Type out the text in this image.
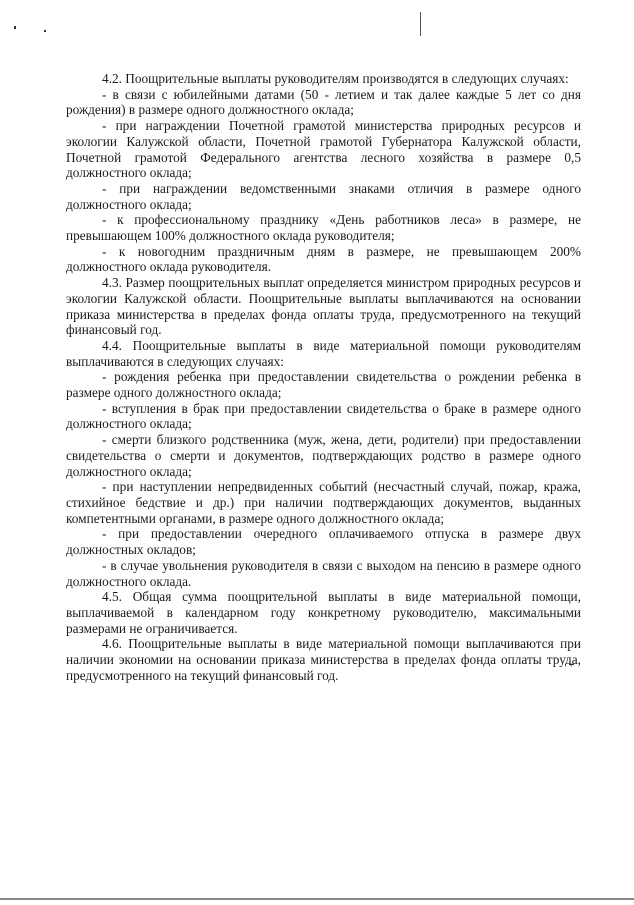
4.2. Поощрительные выплаты руководителям производятся в следующих случаях:

- в связи с юбилейными датами (50 - летием и так далее каждые 5 лет со дня рождения) в размере одного должностного оклада;

- при награждении Почетной грамотой министерства природных ресурсов и экологии Калужской области, Почетной грамотой Губернатора Калужской области, Почетной грамотой Федерального агентства лесного хозяйства в размере 0,5 должностного оклада;

- при награждении ведомственными знаками отличия в размере одного должностного оклада;

- к профессиональному празднику «День работников леса» в размере, не превышающем 100% должностного оклада руководителя;

- к новогодним праздничным дням в размере, не превышающем 200% должностного оклада руководителя.

4.3. Размер поощрительных выплат определяется министром природных ресурсов и экологии Калужской области. Поощрительные выплаты выплачиваются на основании приказа министерства в пределах фонда оплаты труда, предусмотренного на текущий финансовый год.

4.4. Поощрительные выплаты в виде материальной помощи руководителям выплачиваются в следующих случаях:

- рождения ребенка при предоставлении свидетельства о рождении ребенка в размере одного должностного оклада;

- вступления в брак при предоставлении свидетельства о браке в размере одного должностного оклада;

- смерти близкого родственника (муж, жена, дети, родители) при предоставлении свидетельства о смерти и документов, подтверждающих родство в размере одного должностного оклада;

- при наступлении непредвиденных событий (несчастный случай, пожар, кража, стихийное бедствие и др.) при наличии подтверждающих документов, выданных компетентными органами, в размере одного должностного оклада;

- при предоставлении очередного оплачиваемого отпуска в размере двух должностных окладов;

- в случае увольнения руководителя в связи с выходом на пенсию в размере одного должностного оклада.

4.5. Общая сумма поощрительной выплаты в виде материальной помощи, выплачиваемой в календарном году конкретному руководителю, максимальными размерами не ограничивается.

4.6. Поощрительные выплаты в виде материальной помощи выплачиваются при наличии экономии на основании приказа министерства в пределах фонда оплаты труда, предусмотренного на текущий финансовый год.
